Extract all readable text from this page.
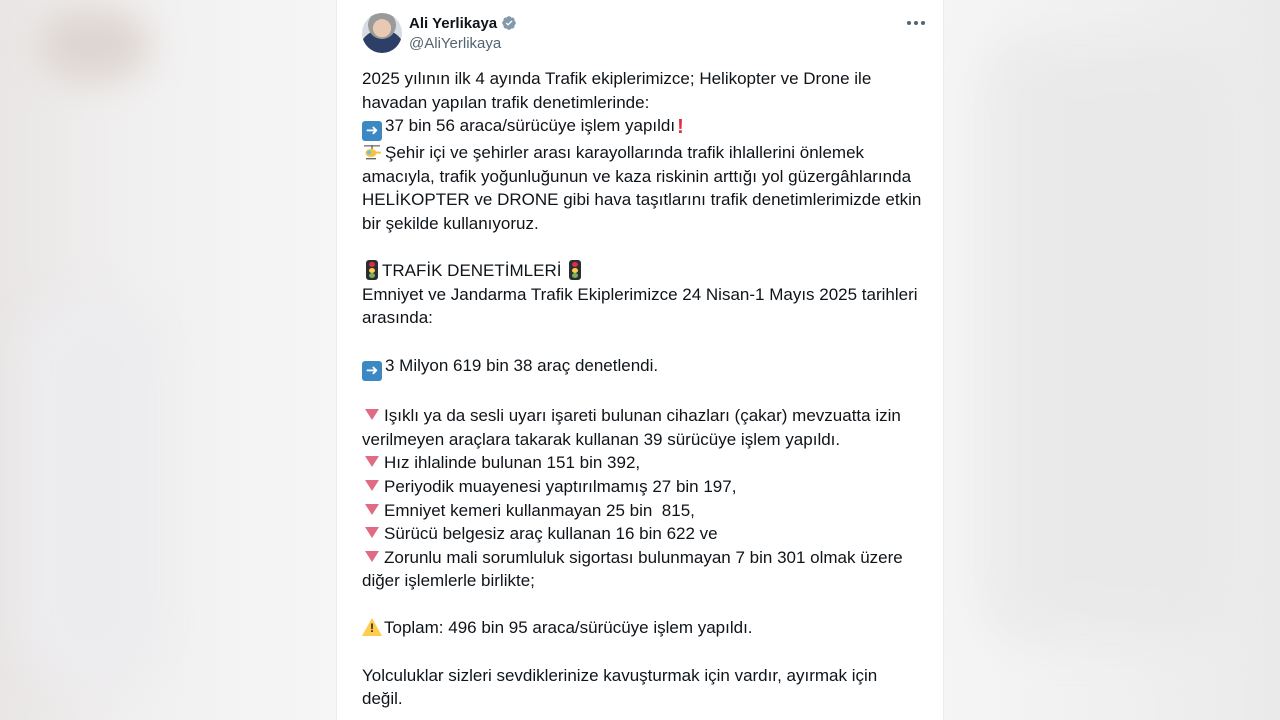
Ali Yerlikaya
@AliYerlikaya
2025 yılının ilk 4 ayında Trafik ekiplerimizce; Helikopter ve Drone ile
havadan yapılan trafik denetimlerinde:
➜ 37 bin 56 araca/sürücüye işlem yapıldı !
Şehir içi ve şehirler arası karayollarında trafik ihlallerini önlemek
amacıyla, trafik yoğunluğunun ve kaza riskinin arttığı yol güzergâhlarında
HELİKOPTER ve DRONE gibi hava taşıtlarını trafik denetimlerimizde etkin
bir şekilde kullanıyoruz.
TRAFİK DENETİMLERİ
Emniyet ve Jandarma Trafik Ekiplerimizce 24 Nisan-1 Mayıs 2025 tarihleri
arasında:
➜ 3 Milyon 619 bin 38 araç denetlendi.
Işıklı ya da sesli uyarı işareti bulunan cihazları (çakar) mevzuatta izin
verilmeyen araçlara takarak kullanan 39 sürücüye işlem yapıldı.
Hız ihlalinde bulunan 151 bin 392,
Periyodik muayenesi yaptırılmamış 27 bin 197,
Emniyet kemeri kullanmayan 25 bin  815,
Sürücü belgesiz araç kullanan 16 bin 622 ve
Zorunlu mali sorumluluk sigortası bulunmayan 7 bin 301 olmak üzere
diğer işlemlerle birlikte;
!Toplam: 496 bin 95 araca/sürücüye işlem yapıldı.
Yolculuklar sizleri sevdiklerinize kavuşturmak için vardır, ayırmak için
değil.
